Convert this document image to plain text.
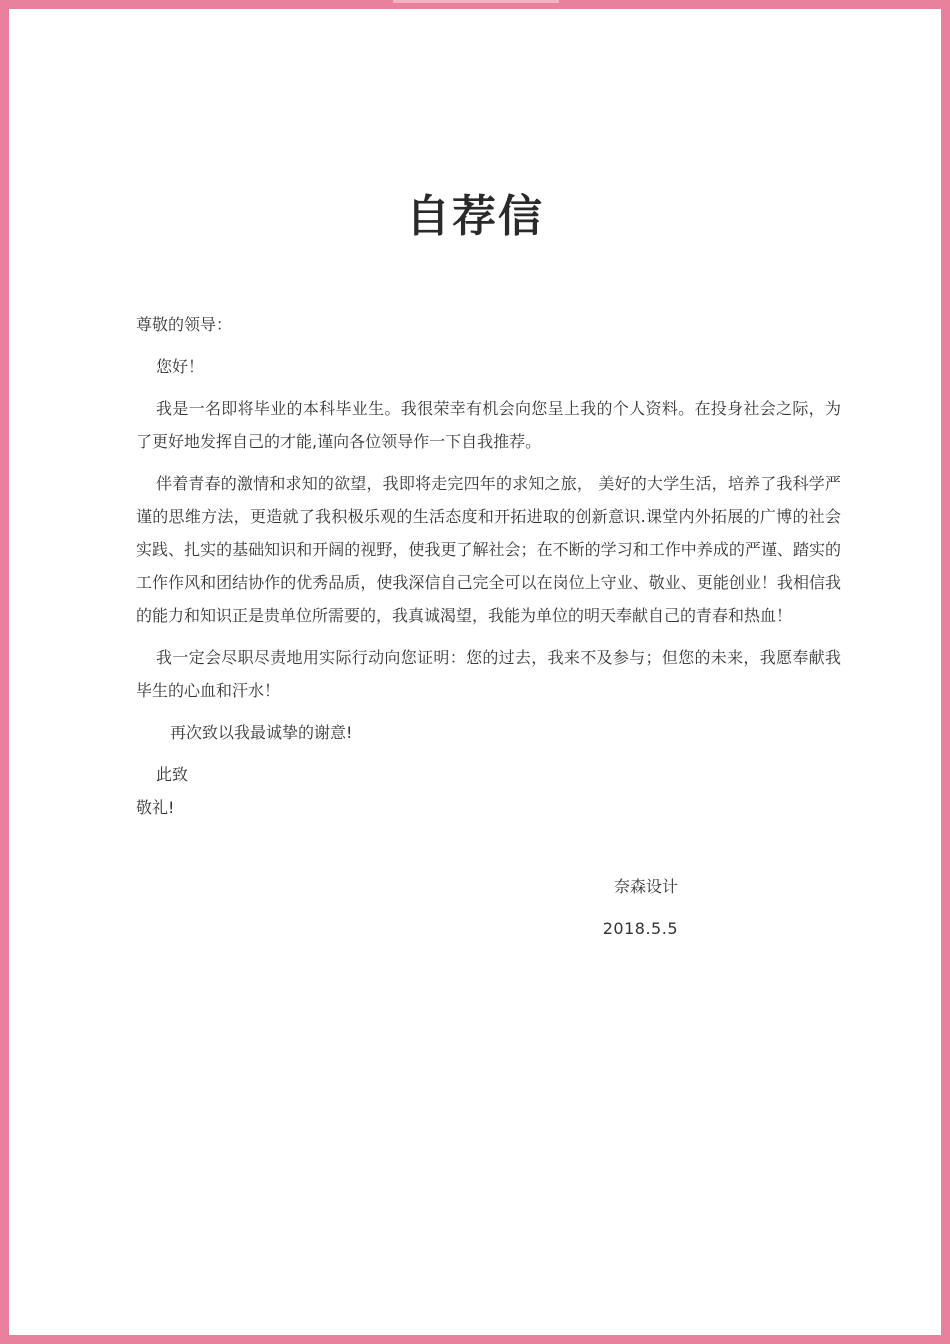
自荐信

尊敬的领导：

您好！

我是一名即将毕业的本科毕业生。我很荣幸有机会向您呈上我的个人资料。在投身社会之际，为了更好地发挥自己的才能,谨向各位领导作一下自我推荐。

伴着青春的激情和求知的欲望，我即将走完四年的求知之旅， 美好的大学生活，培养了我科学严谨的思维方法，更造就了我积极乐观的生活态度和开拓进取的创新意识.课堂内外拓展的广博的社会实践、扎实的基础知识和开阔的视野，使我更了解社会；在不断的学习和工作中养成的严谨、踏实的工作作风和团结协作的优秀品质，使我深信自己完全可以在岗位上守业、敬业、更能创业！我相信我的能力和知识正是贵单位所需要的，我真诚渴望，我能为单位的明天奉献自己的青春和热血！

我一定会尽职尽责地用实际行动向您证明：您的过去，我来不及参与；但您的未来，我愿奉献我毕生的心血和汗水！

再次致以我最诚挚的谢意!

此致

敬礼!

奈森设计

2018.5.5
